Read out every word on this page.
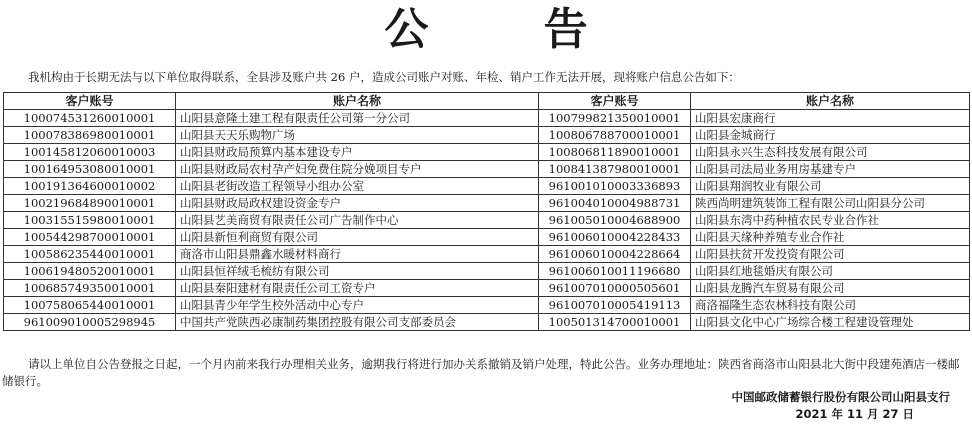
公 告
我机构由于长期无法与以下单位取得联系，全县涉及账户共 26 户，造成公司账户对账、年检、销户工作无法开展，现将账户信息公告如下：
客户账号	账户名称	客户账号	账户名称
100074531260010001	山阳县意隆土建工程有限责任公司第一分公司	100799821350010001	山阳县宏康商行
100078386980010001	山阳县天天乐购物广场	100806788700010001	山阳县金城商行
100145812060010003	山阳县财政局预算内基本建设专户	100806811890010001	山阳县永兴生态科技发展有限公司
100164953080010001	山阳县财政局农村孕产妇免费住院分娩项目专户	100841387980010001	山阳县司法局业务用房基建专户
100191364600010002	山阳县老街改造工程领导小组办公室	961001010003336893	山阳县翔润牧业有限公司
100219684890010001	山阳县财政局政权建设资金专户	961004010004988731	陕西尚明建筑装饰工程有限公司山阳县分公司
100315515980010001	山阳县艺美商贸有限责任公司广告制作中心	961005010004688900	山阳县东湾中药种植农民专业合作社
100544298700010001	山阳县新恒利商贸有限公司	961006010004228433	山阳县天缘种养殖专业合作社
100586235440010001	商洛市山阳县鼎鑫水暖材料商行	961006010004228664	山阳县扶贫开发投资有限公司
100619480520010001	山阳县恒祥绒毛梳纺有限公司	961006010011196680	山阳县红地毯婚庆有限公司
100685749350010001	山阳县秦阳建材有限责任公司工资专户	961007010000505601	山阳县龙腾汽车贸易有限公司
100758065440010001	山阳县青少年学生校外活动中心专户	961007010005419113	商洛福隆生态农林科技有限公司
961009010005298945	中国共产党陕西必康制药集团控股有限公司支部委员会	100501314700010001	山阳县文化中心广场综合楼工程建设管理处
请以上单位自公告登报之日起，一个月内前来我行办理相关业务，逾期我行将进行加办关系撤销及销户处理，特此公告。业务办理地址：陕西省商洛市山阳县北大街中段建苑酒店一楼邮储银行。
中国邮政储蓄银行股份有限公司山阳县支行
2021 年 11 月 27 日
